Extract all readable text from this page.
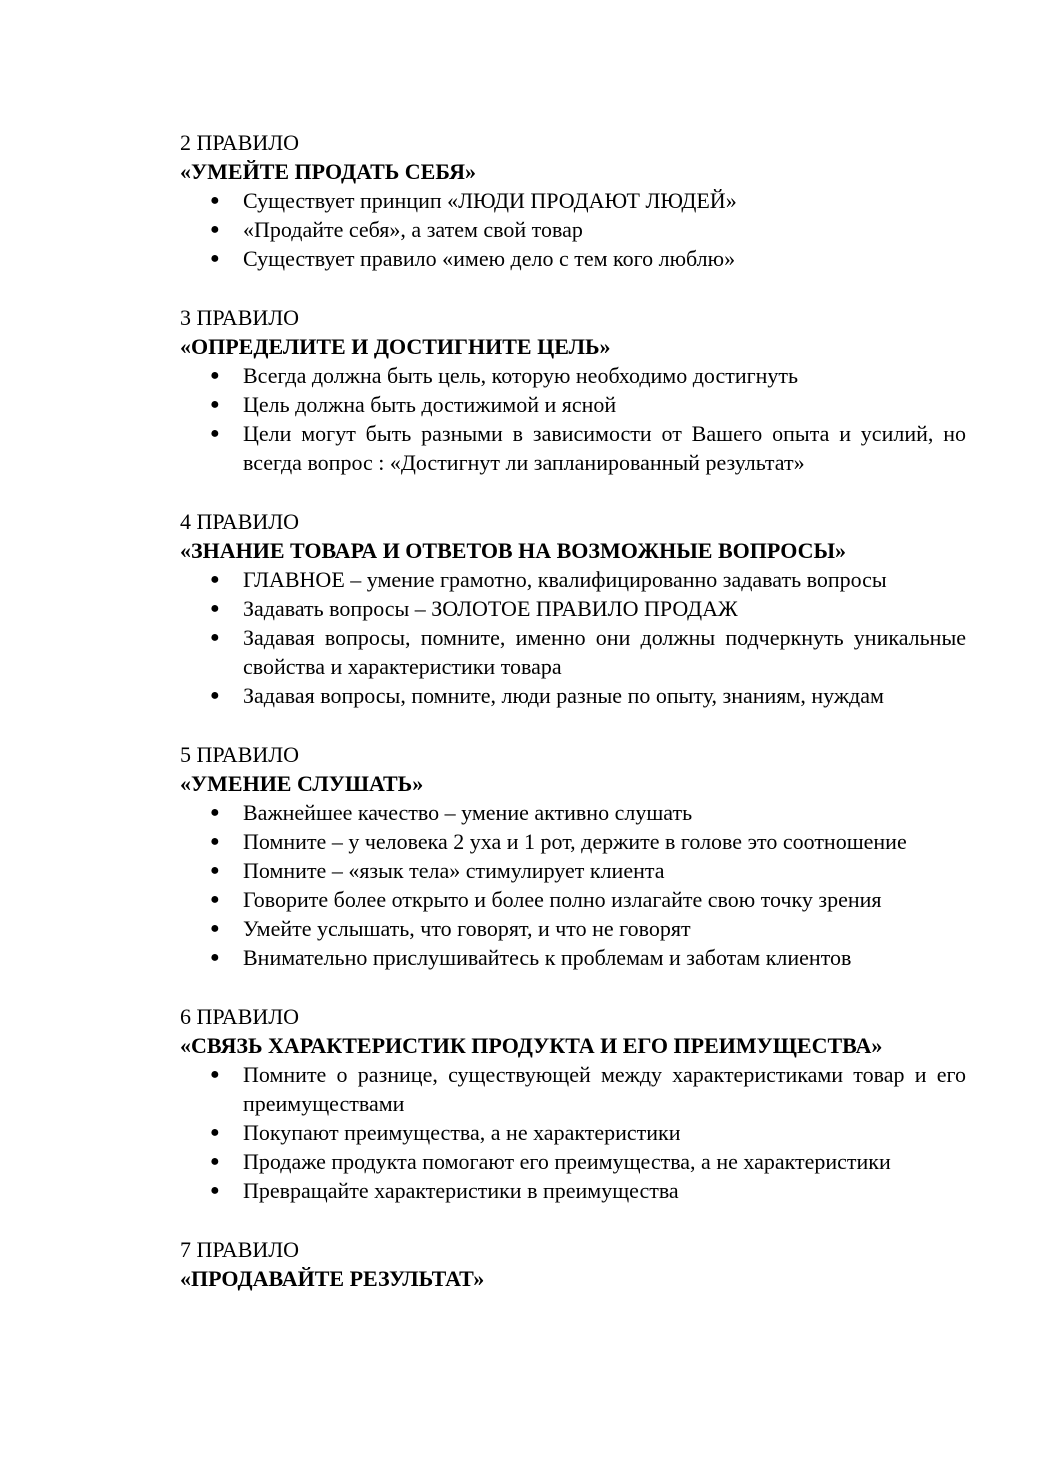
2 ПРАВИЛО
«УМЕЙТЕ ПРОДАТЬ СЕБЯ»
● Существует принцип «ЛЮДИ ПРОДАЮТ ЛЮДЕЙ»
● «Продайте себя», а затем свой товар
● Существует правило «имею дело с тем кого люблю»
3 ПРАВИЛО
«ОПРЕДЕЛИТЕ И ДОСТИГНИТЕ ЦЕЛЬ»
● Всегда должна быть цель, которую необходимо достигнуть
● Цель должна быть достижимой и ясной
● Цели могут быть разными в зависимости от Вашего опыта и усилий, но всегда вопрос : «Достигнут ли запланированный результат»
4 ПРАВИЛО
«ЗНАНИЕ ТОВАРА И ОТВЕТОВ НА ВОЗМОЖНЫЕ ВОПРОСЫ»
● ГЛАВНОЕ – умение грамотно, квалифицированно задавать вопросы
● Задавать вопросы – ЗОЛОТОЕ ПРАВИЛО ПРОДАЖ
● Задавая вопросы, помните, именно они должны подчеркнуть уникальные свойства и характеристики товара
● Задавая вопросы, помните, люди разные по опыту, знаниям, нуждам
5 ПРАВИЛО
«УМЕНИЕ СЛУШАТЬ»
● Важнейшее качество – умение активно слушать
● Помните – у человека 2 уха и 1 рот, держите в голове это соотношение
● Помните – «язык тела» стимулирует клиента
● Говорите более открыто и более полно излагайте свою точку зрения
● Умейте услышать, что говорят, и что не говорят
● Внимательно прислушивайтесь к проблемам и заботам клиентов
6 ПРАВИЛО
«СВЯЗЬ ХАРАКТЕРИСТИК ПРОДУКТА И ЕГО ПРЕИМУЩЕСТВА»
● Помните о разнице, существующей между характеристиками товар и его преимуществами
● Покупают преимущества, а не характеристики
● Продаже продукта помогают его преимущества, а не характеристики
● Превращайте характеристики в преимущества
7 ПРАВИЛО
«ПРОДАВАЙТЕ РЕЗУЛЬТАТ»
